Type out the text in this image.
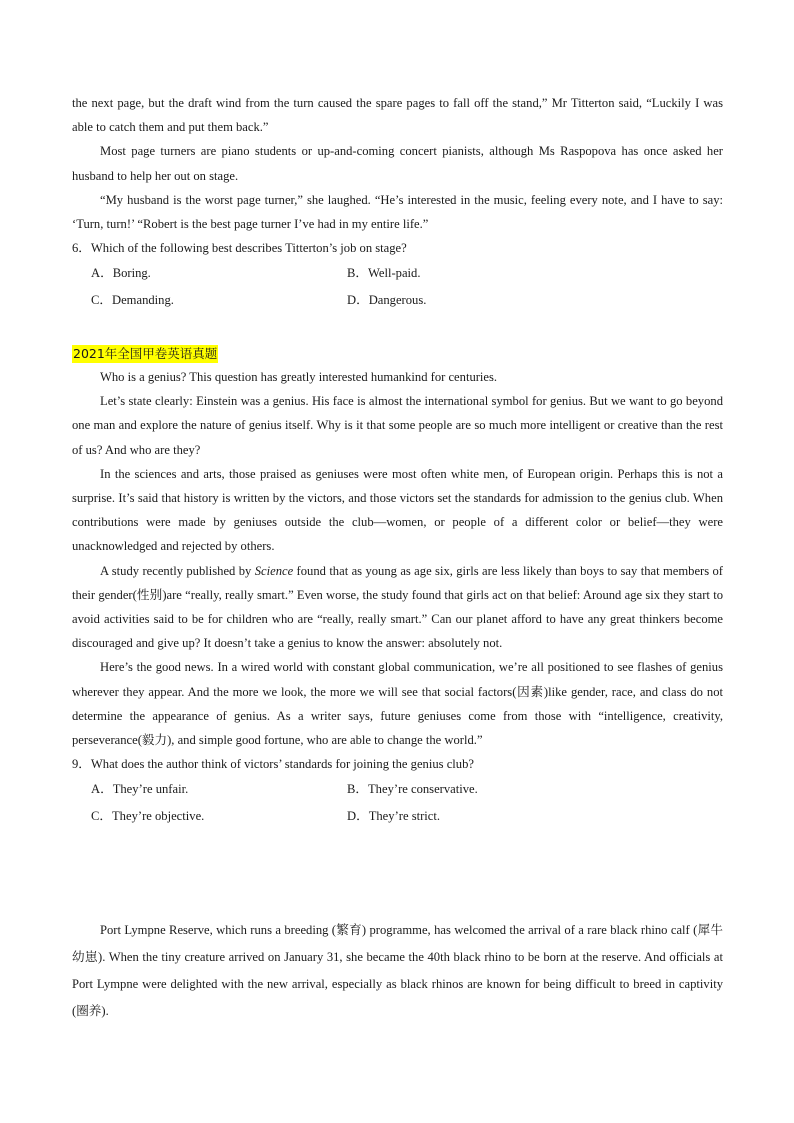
the next page, but the draft wind from the turn caused the spare pages to fall off the stand,” Mr Titterton said, “Luckily I was able to catch them and put them back.”

Most page turners are piano students or up-and-coming concert pianists, although Ms Raspopova has once asked her husband to help her out on stage.

“My husband is the worst page turner,” she laughed. “He’s interested in the music, feeling every note, and I have to say: ‘Turn, turn!’ “Robert is the best page turner I’ve had in my entire life.”

6．Which of the following best describes Titterton’s job on stage?

A．Boring.	B．Well-paid.
C．Demanding.	D．Dangerous.
2021年全国甲卷英语真题

Who is a genius? This question has greatly interested humankind for centuries.

Let’s state clearly: Einstein was a genius. His face is almost the international symbol for genius. But we want to go beyond one man and explore the nature of genius itself. Why is it that some people are so much more intelligent or creative than the rest of us? And who are they?

In the sciences and arts, those praised as geniuses were most often white men, of European origin. Perhaps this is not a surprise. It’s said that history is written by the victors, and those victors set the standards for admission to the genius club. When contributions were made by geniuses outside the club—women, or people of a different color or belief—they were unacknowledged and rejected by others.

A study recently published by Science found that as young as age six, girls are less likely than boys to say that members of their gender(性别)are “really, really smart.” Even worse, the study found that girls act on that belief: Around age six they start to avoid activities said to be for children who are “really, really smart.” Can our planet afford to have any great thinkers become discouraged and give up? It doesn’t take a genius to know the answer: absolutely not.

Here’s the good news. In a wired world with constant global communication, we’re all positioned to see flashes of genius wherever they appear. And the more we look, the more we will see that social factors(因素)like gender, race, and class do not determine the appearance of genius. As a writer says, future geniuses come from those with “intelligence, creativity, perseverance(毅力), and simple good fortune, who are able to change the world.”

9．What does the author think of victors’ standards for joining the genius club?

A．They’re unfair.	B．They’re conservative.
C．They’re objective.	D．They’re strict.

Port Lympne Reserve, which runs a breeding (繁育) programme, has welcomed the arrival of a rare black rhino calf (犀牛幼崽). When the tiny creature arrived on January 31, she became the 40th black rhino to be born at the reserve. And officials at Port Lympne were delighted with the new arrival, especially as black rhinos are known for being difficult to breed in captivity (圈养).
